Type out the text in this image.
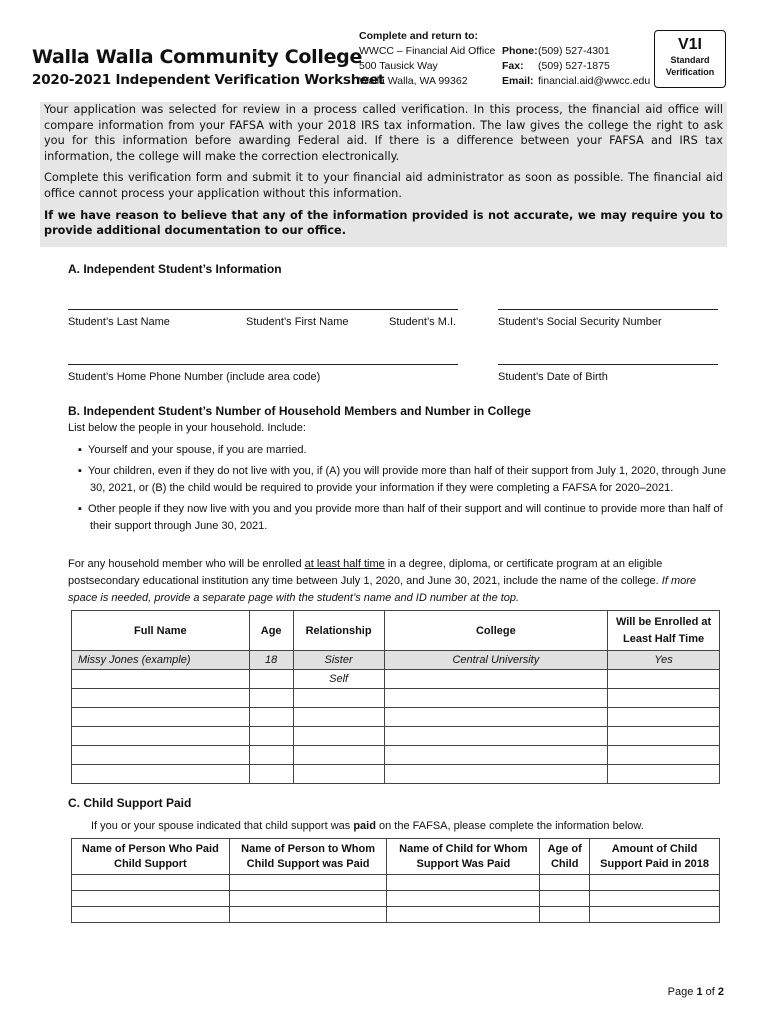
Walla Walla Community College
2020-2021 Independent Verification Worksheet
Complete and return to:
WWCC – Financial Aid Office
500 Tausick Way
Walla Walla, WA 99362
Phone:(509) 527-4301
Fax: (509) 527-1875
Email: financial.aid@wwcc.edu
V1I
Standard
Verification

Your application was selected for review in a process called verification. In this process, the financial aid office will compare information from your FAFSA with your 2018 IRS tax information. The law gives the college the right to ask you for this information before awarding Federal aid. If there is a difference between your FAFSA and IRS tax information, the college will make the correction electronically.

Complete this verification form and submit it to your financial aid administrator as soon as possible. The financial aid office cannot process your application without this information.

If we have reason to believe that any of the information provided is not accurate, we may require you to provide additional documentation to our office.

A. Independent Student’s Information
Student’s Last Name	Student’s First Name	Student’s M.I.	Student’s Social Security Number
Student’s Home Phone Number (include area code)	Student’s Date of Birth
B. Independent Student’s Number of Household Members and Number in College
List below the people in your household. Include:
▪  Yourself and your spouse, if you are married.
▪  Your children, even if they do not live with you, if (A) you will provide more than half of their support from July 1, 2020, through June 30, 2021, or (B) the child would be required to provide your information if they were completing a FAFSA for 2020–2021.
▪  Other people if they now live with you and you provide more than half of their support and will continue to provide more than half of their support through June 30, 2021.
For any household member who will be enrolled at least half time in a degree, diploma, or certificate program at an eligible postsecondary educational institution any time between July 1, 2020, and June 30, 2021, include the name of the college. If more space is needed, provide a separate page with the student’s name and ID number at the top.
Full Name	Age	Relationship	College	Will be Enrolled at Least Half Time
Missy Jones (example)	18	Sister	Central University	Yes
		Self		

C. Child Support Paid
If you or your spouse indicated that child support was paid on the FAFSA, please complete the information below.
Name of Person Who Paid Child Support	Name of Person to Whom Child Support was Paid	Name of Child for Whom Support Was Paid	Age of Child	Amount of Child Support Paid in 2018

Page 1 of 2
